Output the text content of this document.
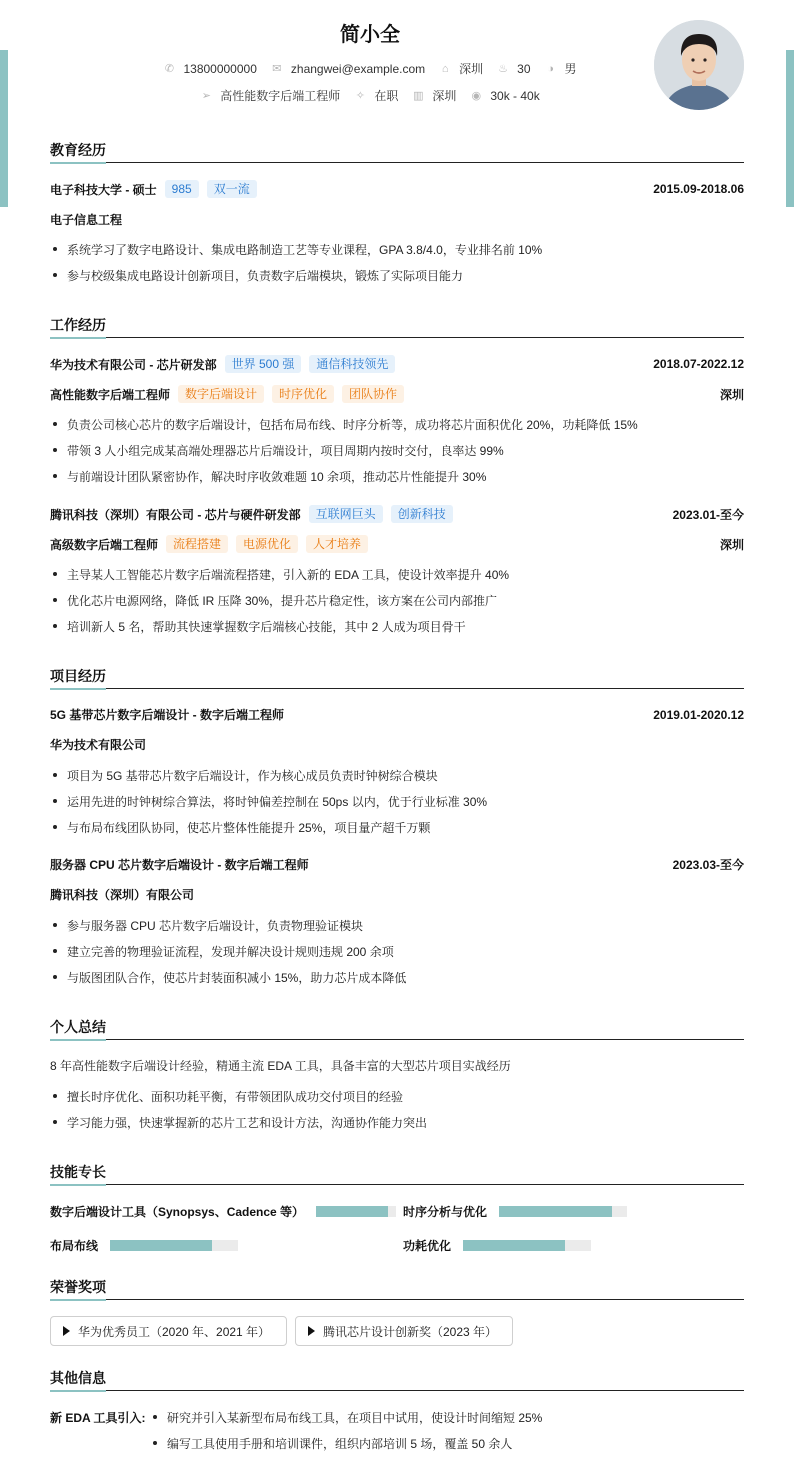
简小全
✆ 13800000000 ✉ zhangwei@example.com ⌂ 深圳 ♨ 30 ◑ 男
➢ 高性能数字后端工程师 ✧ 在职 ▥ 深圳 ◉ 30k - 40k
教育经历
电子科技大学 - 硕士	985	双一流	2015.09-2018.06
电子信息工程
系统学习了数字电路设计、集成电路制造工艺等专业课程，GPA 3.8/4.0，专业排名前 10%
参与校级集成电路设计创新项目，负责数字后端模块，锻炼了实际项目能力
工作经历
华为技术有限公司 - 芯片研发部	世界 500 强	通信科技领先	2018.07-2022.12
高性能数字后端工程师	数字后端设计	时序优化	团队协作	深圳
负责公司核心芯片的数字后端设计，包括布局布线、时序分析等，成功将芯片面积优化 20%，功耗降低 15%
带领 3 人小组完成某高端处理器芯片后端设计，项目周期内按时交付，良率达 99%
与前端设计团队紧密协作，解决时序收敛难题 10 余项，推动芯片性能提升 30%
腾讯科技（深圳）有限公司 - 芯片与硬件研发部	互联网巨头	创新科技	2023.01-至今
高级数字后端工程师	流程搭建	电源优化	人才培养	深圳
主导某人工智能芯片数字后端流程搭建，引入新的 EDA 工具，使设计效率提升 40%
优化芯片电源网络，降低 IR 压降 30%，提升芯片稳定性，该方案在公司内部推广
培训新人 5 名，帮助其快速掌握数字后端核心技能，其中 2 人成为项目骨干
项目经历
5G 基带芯片数字后端设计 - 数字后端工程师	2019.01-2020.12
华为技术有限公司
项目为 5G 基带芯片数字后端设计，作为核心成员负责时钟树综合模块
运用先进的时钟树综合算法，将时钟偏差控制在 50ps 以内，优于行业标准 30%
与布局布线团队协同，使芯片整体性能提升 25%，项目量产超千万颗
服务器 CPU 芯片数字后端设计 - 数字后端工程师	2023.03-至今
腾讯科技（深圳）有限公司
参与服务器 CPU 芯片数字后端设计，负责物理验证模块
建立完善的物理验证流程，发现并解决设计规则违规 200 余项
与版图团队合作，使芯片封装面积减小 15%，助力芯片成本降低
个人总结
8 年高性能数字后端设计经验，精通主流 EDA 工具，具备丰富的大型芯片项目实战经历
擅长时序优化、面积功耗平衡，有带领团队成功交付项目的经验
学习能力强，快速掌握新的芯片工艺和设计方法，沟通协作能力突出
技能专长
数字后端设计工具（Synopsys、Cadence 等）	时序分析与优化
布局布线	功耗优化
荣誉奖项
华为优秀员工（2020 年、2021 年）	腾讯芯片设计创新奖（2023 年）
其他信息
新 EDA 工具引入:	研究并引入某新型布局布线工具，在项目中试用，使设计时间缩短 25%
编写工具使用手册和培训课件，组织内部培训 5 场，覆盖 50 余人
